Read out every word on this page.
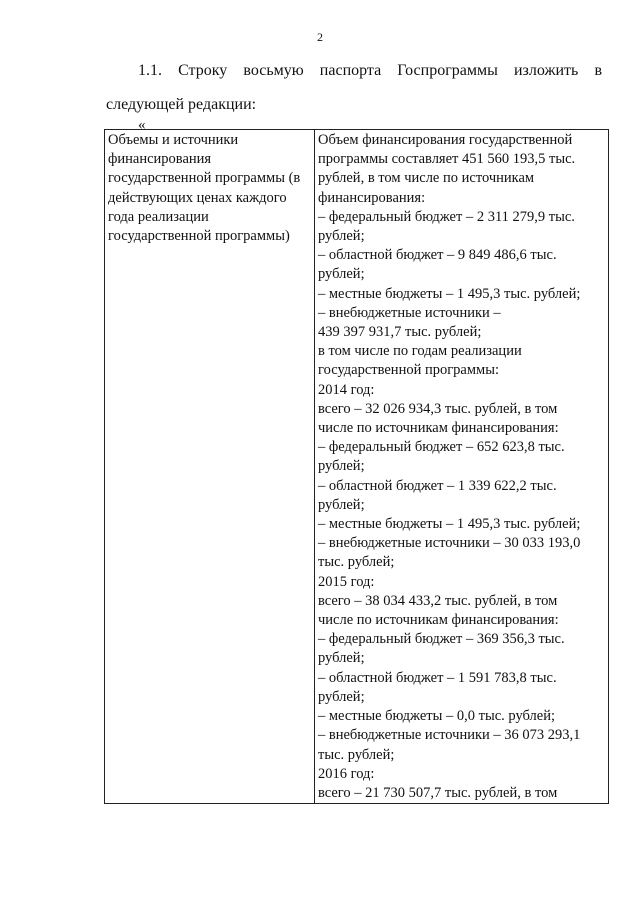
2
1.1. Строку восьмую паспорта Госпрограммы изложить в следующей редакции:
«
Объемы и источники
финансирования
государственной программы (в
действующих ценах каждого
года реализации
государственной программы)

Объем финансирования государственной
программы составляет 451 560 193,5 тыс.
рублей, в том числе по источникам
финансирования:
– федеральный бюджет – 2 311 279,9 тыс.
рублей;
– областной бюджет – 9 849 486,6 тыс.
рублей;
– местные бюджеты – 1 495,3 тыс. рублей;
– внебюджетные источники –
439 397 931,7 тыс. рублей;
в том числе по годам реализации
государственной программы:
2014 год:
всего – 32 026 934,3 тыс. рублей, в том
числе по источникам финансирования:
– федеральный бюджет – 652 623,8 тыс.
рублей;
– областной бюджет – 1 339 622,2 тыс.
рублей;
– местные бюджеты – 1 495,3 тыс. рублей;
– внебюджетные источники – 30 033 193,0
тыс. рублей;
2015 год:
всего – 38 034 433,2 тыс. рублей, в том
числе по источникам финансирования:
– федеральный бюджет – 369 356,3 тыс.
рублей;
– областной бюджет – 1 591 783,8 тыс.
рублей;
– местные бюджеты – 0,0 тыс. рублей;
– внебюджетные источники – 36 073 293,1
тыс. рублей;
2016 год:
всего – 21 730 507,7 тыс. рублей, в том
